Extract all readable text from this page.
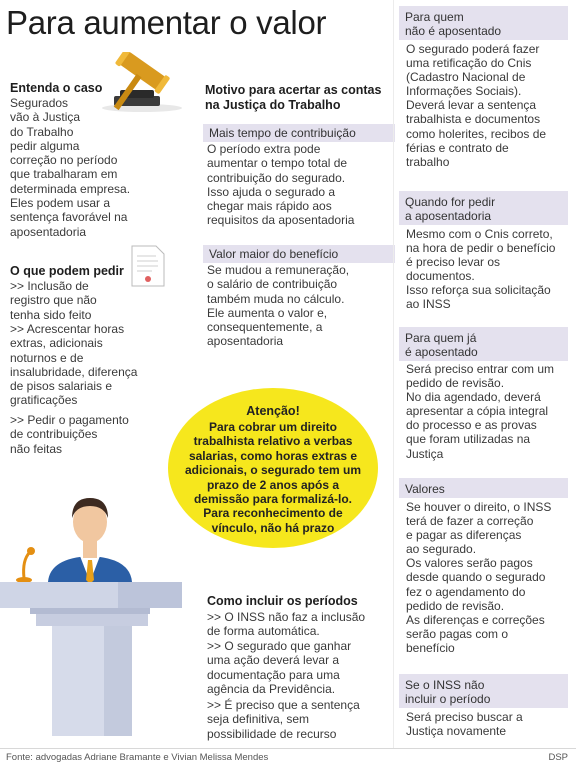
Para aumentar o valor
Entenda o caso
Segurados
vão à Justiça
do Trabalho
pedir alguma
correção no período
que trabalharam em
determinada empresa.
Eles podem usar a
sentença favorável na
aposentadoria
O que podem pedir
>> Inclusão de
registro que não
tenha sido feito
>> Acrescentar horas
extras, adicionais
noturnos e de
insalubridade, diferença
de pisos salariais e
gratificações
>> Pedir o pagamento
de contribuições
não feitas
Motivo para acertar as contas
na Justiça do Trabalho
Mais tempo de contribuição
O período extra pode
aumentar o tempo total de
contribuição do segurado.
Isso ajuda o segurado a
chegar mais rápido aos
requisitos da aposentadoria
Valor maior do benefício
Se mudou a remuneração,
o salário de contribuição
também muda no cálculo.
Ele aumenta o valor e,
consequentemente, a
aposentadoria
Atenção!
Para cobrar um direito
trabalhista relativo a verbas
salarias, como horas extras e
adicionais, o segurado tem um
prazo de 2 anos após a
demissão para formalizá-lo.
Para reconhecimento de
vínculo, não há prazo
Como incluir os períodos
>> O INSS não faz a inclusão
de forma automática.
>> O segurado que ganhar
uma ação deverá levar a
documentação para uma
agência da Previdência.
>> É preciso que a sentença
seja definitiva, sem
possibilidade de recurso
Para quem
não é aposentado
O segurado poderá fazer
uma retificação do Cnis
(Cadastro Nacional de
Informações Sociais).
Deverá levar a sentença
trabalhista e documentos
como holerites, recibos de
férias e contrato de
trabalho
Quando for pedir
a aposentadoria
Mesmo com o Cnis correto,
na hora de pedir o benefício
é preciso levar os
documentos.
Isso reforça sua solicitação
ao INSS
Para quem já
é aposentado
Será preciso entrar com um
pedido de revisão.
No dia agendado, deverá
apresentar a cópia integral
do processo e as provas
que foram utilizadas na
Justiça
Valores
Se houver o direito, o INSS
terá de fazer a correção
e pagar as diferenças
ao segurado.
Os valores serão pagos
desde quando o segurado
fez o agendamento do
pedido de revisão.
As diferenças e correções
serão pagas com o
benefício
Se o INSS não
incluir o período
Será preciso buscar a
Justiça novamente
Fonte: advogadas Adriane Bramante e Vivian Melissa Mendes	DSP
